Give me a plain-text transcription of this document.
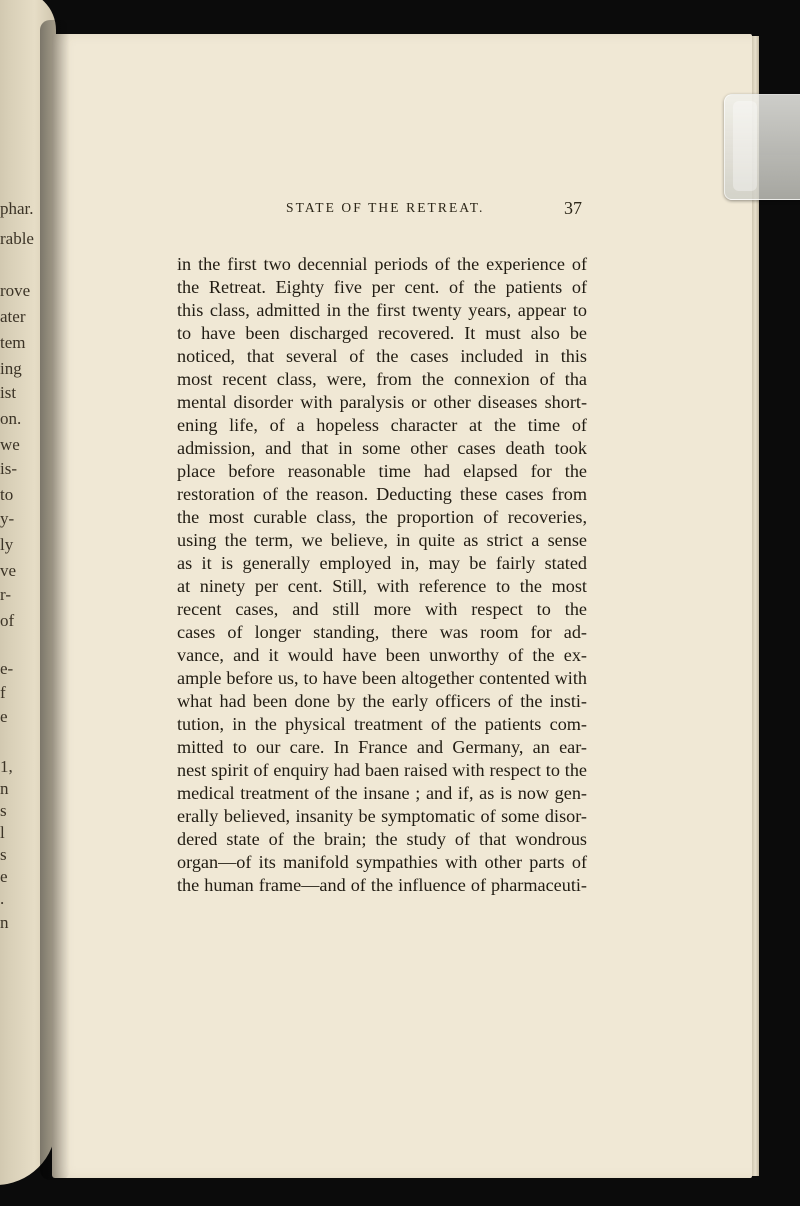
phar.
rable
rove
ater
tem
ing
ist
on.
we
is-
to
y-
ly
ve
r-
of
e-
f
e
1,
n
s
l
s
e
.
n
STATE OF THE RETREAT.	37
in the first two decennial periods of the experience of
the Retreat. Eighty five per cent. of the patients of
this class, admitted in the first twenty years, appear to
to have been discharged recovered. It must also be
noticed, that several of the cases included in this
most recent class, were, from the connexion of tha
mental disorder with paralysis or other diseases short-
ening life, of a hopeless character at the time of
admission, and that in some other cases death took
place before reasonable time had elapsed for the
restoration of the reason. Deducting these cases from
the most curable class, the proportion of recoveries,
using the term, we believe, in quite as strict a sense
as it is generally employed in, may be fairly stated
at ninety per cent. Still, with reference to the most
recent cases, and still more with respect to the
cases of longer standing, there was room for ad-
vance, and it would have been unworthy of the ex-
ample before us, to have been altogether contented with
what had been done by the early officers of the insti-
tution, in the physical treatment of the patients com-
mitted to our care. In France and Germany, an ear-
nest spirit of enquiry had baen raised with respect to the
medical treatment of the insane ; and if, as is now gen-
erally believed, insanity be symptomatic of some disor-
dered state of the brain; the study of that wondrous
organ—of its manifold sympathies with other parts of
the human frame—and of the influence of pharmaceuti-
